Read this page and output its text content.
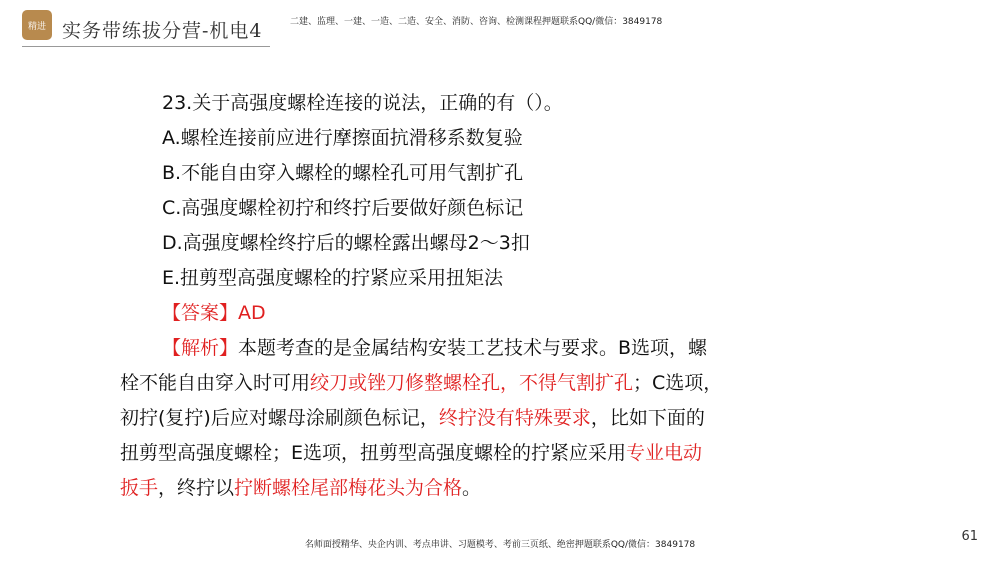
精进 实务带练拔分营-机电4	二建、监理、一建、一造、二造、安全、消防、咨询、检测课程押题联系QQ/微信：3849178
23.关于高强度螺栓连接的说法，正确的有（）。
A.螺栓连接前应进行摩擦面抗滑移系数复验
B.不能自由穿入螺栓的螺栓孔可用气割扩孔
C.高强度螺栓初拧和终拧后要做好颜色标记
D.高强度螺栓终拧后的螺栓露出螺母2～3扣
E.扭剪型高强度螺栓的拧紧应采用扭矩法
【答案】AD
【解析】本题考查的是金属结构安装工艺技术与要求。B选项，螺
栓不能自由穿入时可用绞刀或锉刀修整螺栓孔，不得气割扩孔；C选项，
初拧(复拧)后应对螺母涂刷颜色标记，终拧没有特殊要求，比如下面的
扭剪型高强度螺栓；E选项，扭剪型高强度螺栓的拧紧应采用专业电动
扳手，终拧以拧断螺栓尾部梅花头为合格。
61
名师面授精华、央企内训、考点串讲、习题模考、考前三页纸、绝密押题联系QQ/微信：3849178
